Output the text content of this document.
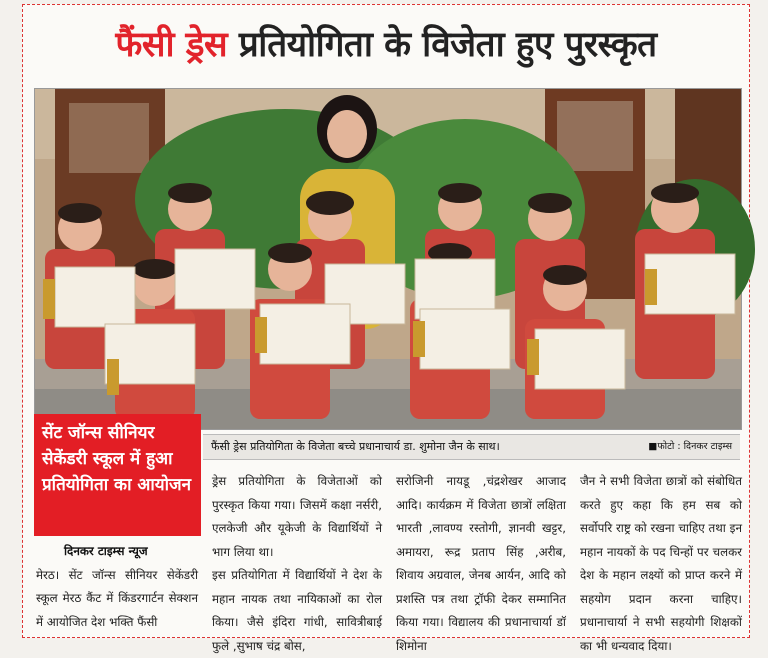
फैंसी ड्रेस प्रतियोगिता के विजेता हुए पुरस्कृत
फैंसी ड्रेस प्रतियोगिता के विजेता बच्चे प्रधानाचार्य डा. शुमोना जैन के साथ।	■फोटो : दिनकर टाइम्स
सेंट जॉन्स सीनियर सेकेंडरी स्कूल में हुआ प्रतियोगिता का आयोजन

दिनकर टाइम्स न्यूज

मेरठ। सेंट जॉन्स सीनियर सेकेंडरी स्कूल मेरठ कैंट में किंडरगार्टन सेक्शन में आयोजित देश भक्ति फैंसी

ड्रेस प्रतियोगिता के विजेताओं को पुरस्कृत किया गया। जिसमें कक्षा नर्सरी, एलकेजी और यूकेजी के विद्यार्थियों ने भाग लिया था।

इस प्रतियोगिता में विद्यार्थियों ने देश के महान नायक तथा नायिकाओं का रोल किया। जैसे इंदिरा गांधी, सावित्रीबाई फुले ,सुभाष चंद्र बोस,

सरोजिनी नायडू ,चंद्रशेखर आजाद आदि। कार्यक्रम में विजेता छात्रों लक्षिता भारती ,लावण्य रस्तोगी, ज्ञानवी खट्टर, अमायरा, रूद्र प्रताप सिंह ,अरीब, शिवाय अग्रवाल, जेनब आर्यन, आदि को प्रशस्ति पत्र तथा ट्रॉफी देकर सम्मानित किया गया। विद्यालय की प्रधानाचार्या डॉ शिमोना

जैन ने सभी विजेता छात्रों को संबोधित करते हुए कहा कि हम सब को सर्वोपरि राष्ट्र को रखना चाहिए तथा इन महान नायकों के पद चिन्हों पर चलकर देश के महान लक्ष्यों को प्राप्त करने में सहयोग प्रदान करना चाहिए। प्रधानाचार्या ने सभी सहयोगी शिक्षकों का भी धन्यवाद दिया।
